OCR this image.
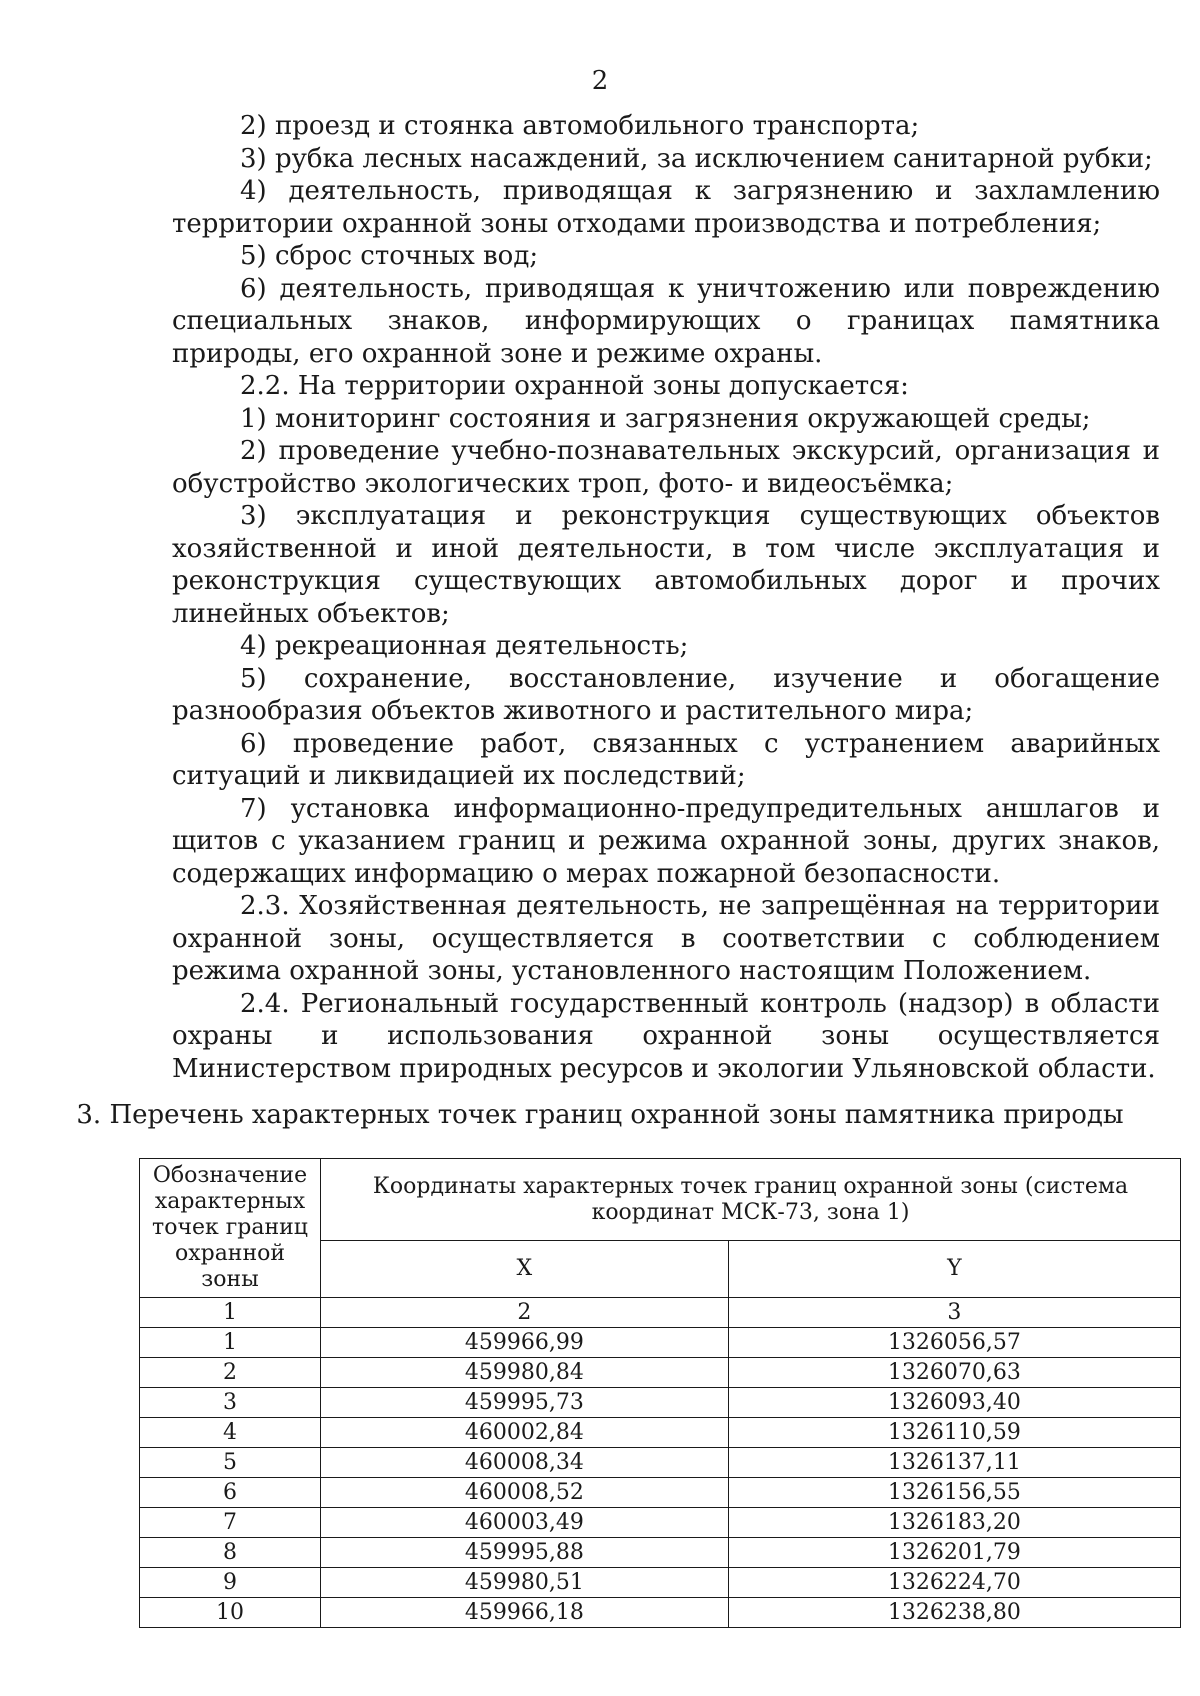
2

2) проезд и стоянка автомобильного транспорта;

3) рубка лесных насаждений, за исключением санитарной рубки;

4) деятельность, приводящая к загрязнению и захламлению территории охранной зоны отходами производства и потребления;

5) сброс сточных вод;

6) деятельность, приводящая к уничтожению или повреждению специальных знаков, информирующих о границах памятника природы, его охранной зоне и режиме охраны.

2.2. На территории охранной зоны допускается:

1) мониторинг состояния и загрязнения окружающей среды;

2) проведение учебно-познавательных экскурсий, организация и обустройство экологических троп, фото- и видеосъёмка;

3) эксплуатация и реконструкция существующих объектов хозяйственной и иной деятельности, в том числе эксплуатация и реконструкция существующих автомобильных дорог и прочих линейных объектов;

4) рекреационная деятельность;

5) сохранение, восстановление, изучение и обогащение разнообразия объектов животного и растительного мира;

6) проведение работ, связанных с устранением аварийных ситуаций и ликвидацией их последствий;

7) установка информационно-предупредительных аншлагов и щитов с указанием границ и режима охранной зоны, других знаков, содержащих информацию о мерах пожарной безопасности.

2.3. Хозяйственная деятельность, не запрещённая на территории охранной зоны, осуществляется в соответствии с соблюдением режима охранной зоны, установленного настоящим Положением.

2.4. Региональный государственный контроль (надзор) в области охраны и использования охранной зоны осуществляется Министерством природных ресурсов и экологии Ульяновской области.

3. Перечень характерных точек границ охранной зоны памятника природы
Обозначение характерных точек границ охранной зоны	Координаты характерных точек границ охранной зоны (система координат МСК-73, зона 1)	
	X	Y
1	2	3
1	459966,99	1326056,57
2	459980,84	1326070,63
3	459995,73	1326093,40
4	460002,84	1326110,59
5	460008,34	1326137,11
6	460008,52	1326156,55
7	460003,49	1326183,20
8	459995,88	1326201,79
9	459980,51	1326224,70
10	459966,18	1326238,80
